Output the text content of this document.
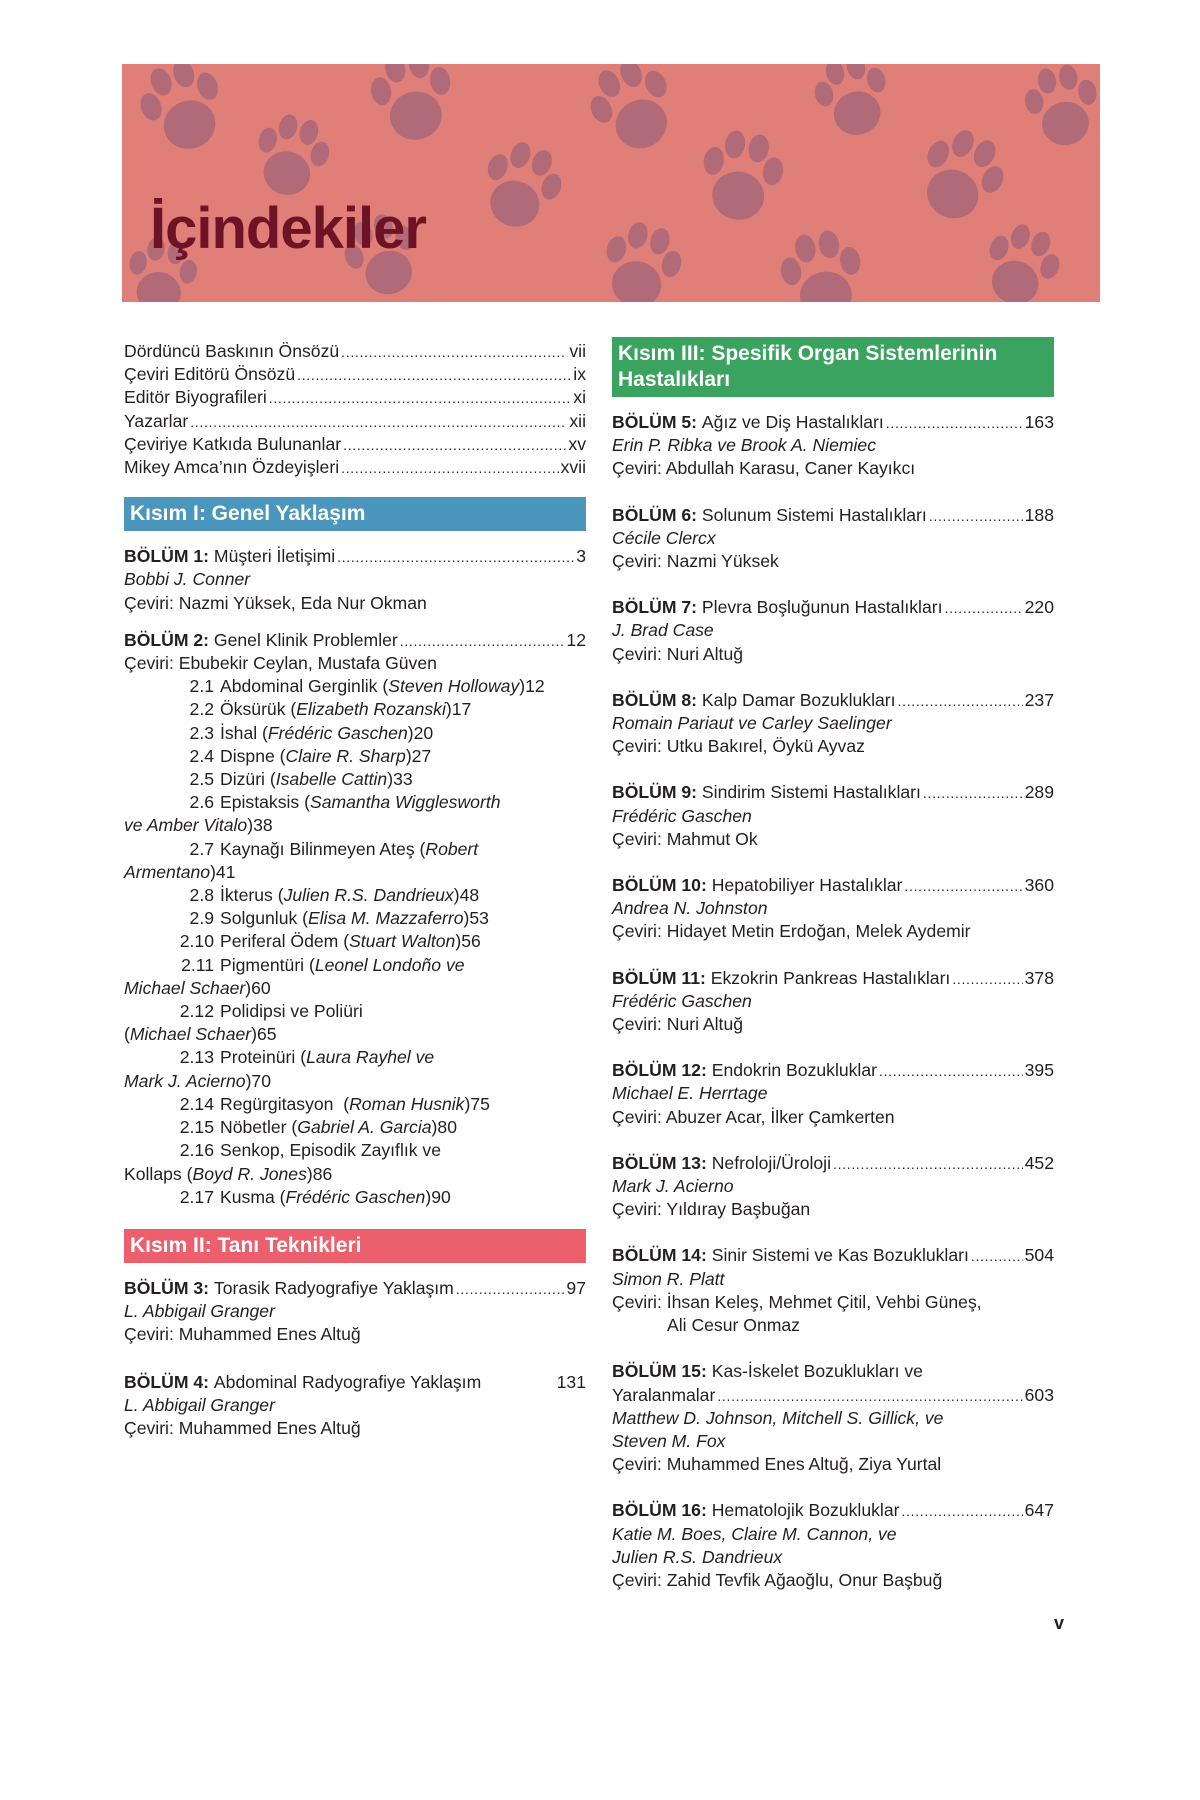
İçindekiler
Dördüncü Baskının Önsözü . . .	vii
Çeviri Editörü Önsözü . . .	ix
Editör Biyografileri . . .	xi
Yazarlar . . .	xii
Çeviriye Katkıda Bulunanlar . . .	xv
Mikey Amca’nın Özdeyişleri . . .	xvii
Kısım I: Genel Yaklaşım
BÖLÜM 1:
Müşteri İletişimi . . .	3
Bobbi J. Conner
Çeviri: Nazmi Yüksek, Eda Nur Okman
BÖLÜM 2:
Genel Klinik Problemler . . .	12
Çeviri: Ebubekir Ceylan, Mustafa Güven
2.1 Abdominal Gerginlik ( Steven Holloway ) 12
2.2 Öksürük ( Elizabeth Rozanski ) 17
2.3 İshal ( Frédéric Gaschen ) 20
2.4 Dispne ( Claire R. Sharp ) 27
2.5 Dizüri ( Isabelle Cattin ) 33
2.6 Epistaksis ( Samantha Wigglesworth
ve Amber Vitalo ) 38
2.7 Kaynağı Bilinmeyen Ateş ( Robert
Armentano ) 41
2.8 İkterus ( Julien R.S. Dandrieux ) 48
2.9 Solgunluk ( Elisa M. Mazzaferro ) 53
2.10 Periferal Ödem ( Stuart Walton ) 56
2.11 Pigmentüri ( Leonel Londoño ve
Michael Schaer ) 60
2.12 Polidipsi ve Poliüri
( Michael Schaer ) 65
2.13 Proteinüri ( Laura Rayhel ve
Mark J. Acierno ) 70
2.14 Regürgitasyon ( Roman Husnik ) 75
2.15 Nöbetler ( Gabriel A. Garcia ) 80
2.16 Senkop, Episodik Zayıflık ve
Kollaps ( Boyd R. Jones ) 86
2.17 Kusma ( Frédéric Gaschen ) 90
Kısım II: Tanı Teknikleri
BÖLÜM 3:
Torasik Radyografiye Yaklaşım . . .	97
L. Abbigail Granger
Çeviri: Muhammed Enes Altuğ
BÖLÜM 4:
Abdominal Radyografiye Yaklaşım	131
L. Abbigail Granger
Çeviri: Muhammed Enes Altuğ
Kısım III: Spesifik Organ Sistemlerinin
Hastalıkları
BÖLÜM 5:
Ağız ve Diş Hastalıkları . . .	163
Erin P. Ribka ve Brook A. Niemiec
Çeviri: Abdullah Karasu, Caner Kayıkcı
BÖLÜM 6:
Solunum Sistemi Hastalıkları . . .	188
Cécile Clercx
Çeviri: Nazmi Yüksek
BÖLÜM 7:
Plevra Boşluğunun Hastalıkları . . .	220
J. Brad Case
Çeviri: Nuri Altuğ
BÖLÜM 8:
Kalp Damar Bozuklukları . . .	237
Romain Pariaut ve Carley Saelinger
Çeviri: Utku Bakırel, Öykü Ayvaz
BÖLÜM 9:
Sindirim Sistemi Hastalıkları . . .	289
Frédéric Gaschen
Çeviri: Mahmut Ok
BÖLÜM 10:
Hepatobiliyer Hastalıklar . . .	360
Andrea N. Johnston
Çeviri: Hidayet Metin Erdoğan, Melek Aydemir
BÖLÜM 11:
Ekzokrin Pankreas Hastalıkları . . .	378
Frédéric Gaschen
Çeviri: Nuri Altuğ
BÖLÜM 12:
Endokrin Bozukluklar . . .	395
Michael E. Herrtage
Çeviri: Abuzer Acar, İlker Çamkerten
BÖLÜM 13:
Nefroloji/Üroloji . . .	452
Mark J. Acierno
Çeviri: Yıldıray Başbuğan
BÖLÜM 14:
Sinir Sistemi ve Kas Bozuklukları . . .	504
Simon R. Platt
Çeviri: İhsan Keleş, Mehmet Çitil, Vehbi Güneş,
Ali Cesur Onmaz
BÖLÜM 15: Kas-İskelet Bozuklukları ve
Yaralanmalar . . .	603
Matthew D. Johnson, Mitchell S. Gillick, ve
Steven M. Fox
Çeviri: Muhammed Enes Altuğ, Ziya Yurtal
BÖLÜM 16:
Hematolojik Bozukluklar . . .	647
Katie M. Boes, Claire M. Cannon, ve
Julien R.S. Dandrieux
Çeviri: Zahid Tevfik Ağaoğlu, Onur Başbuğ
v
